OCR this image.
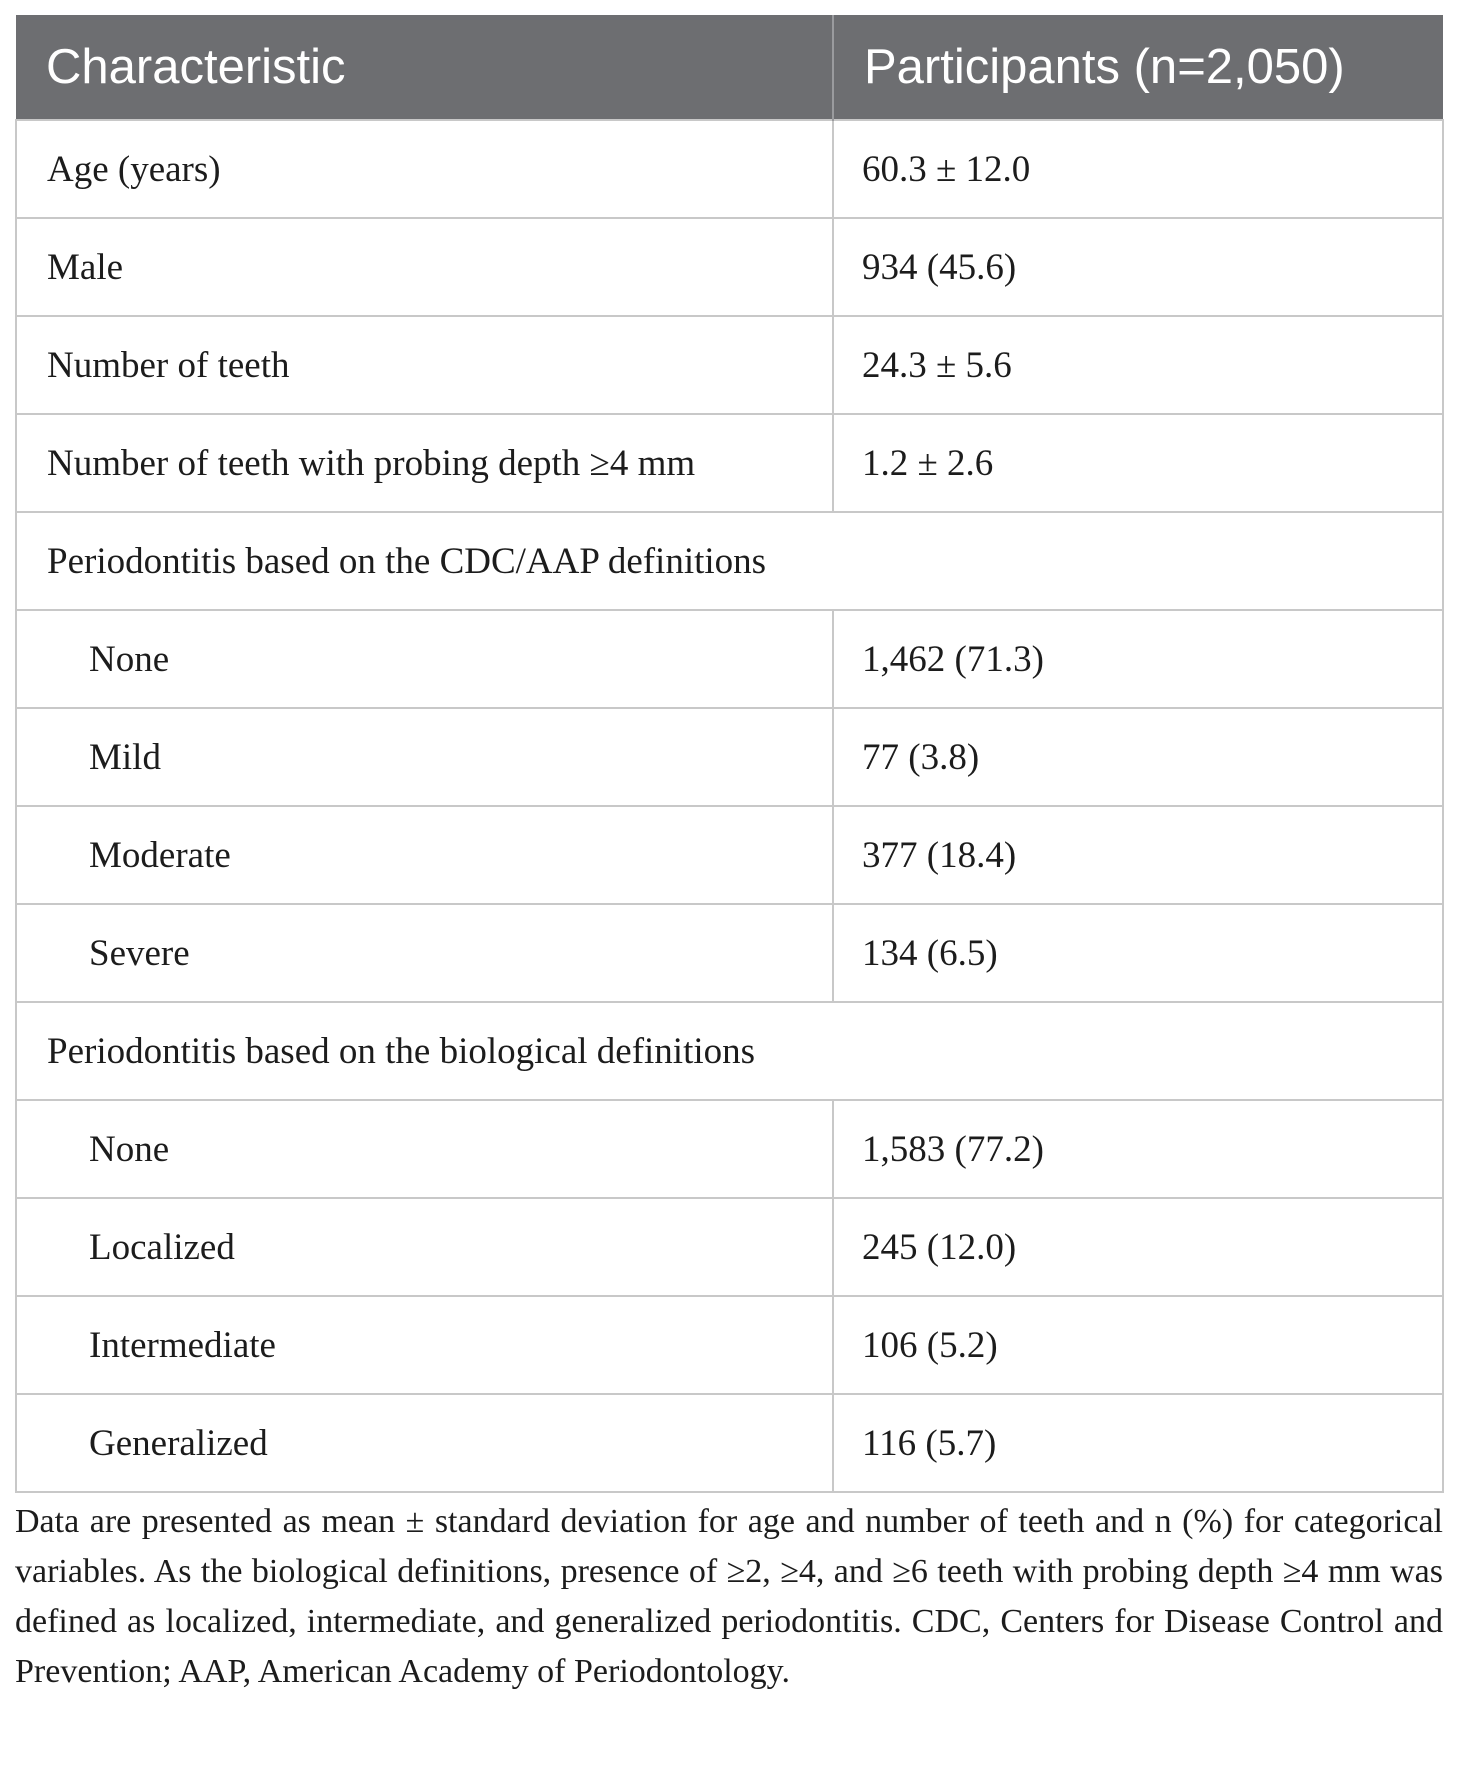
Characteristic	Participants (n=2,050)
Age (years)	60.3 ± 12.0
Male	934 (45.6)
Number of teeth	24.3 ± 5.6
Number of teeth with probing depth ≥4 mm	1.2 ± 2.6
Periodontitis based on the CDC/AAP definitions	
None	1,462 (71.3)
Mild	77 (3.8)
Moderate	377 (18.4)
Severe	134 (6.5)
Periodontitis based on the biological definitions	
None	1,583 (77.2)
Localized	245 (12.0)
Intermediate	106 (5.2)
Generalized	116 (5.7)

Data are presented as mean ± standard deviation for age and number of teeth and n (%) for categorical variables. As the biological definitions, presence of ≥2, ≥4, and ≥6 teeth with probing depth ≥4 mm was defined as localized, intermediate, and generalized periodontitis. CDC, Centers for Disease Control and Prevention; AAP, American Academy of Periodontology.
